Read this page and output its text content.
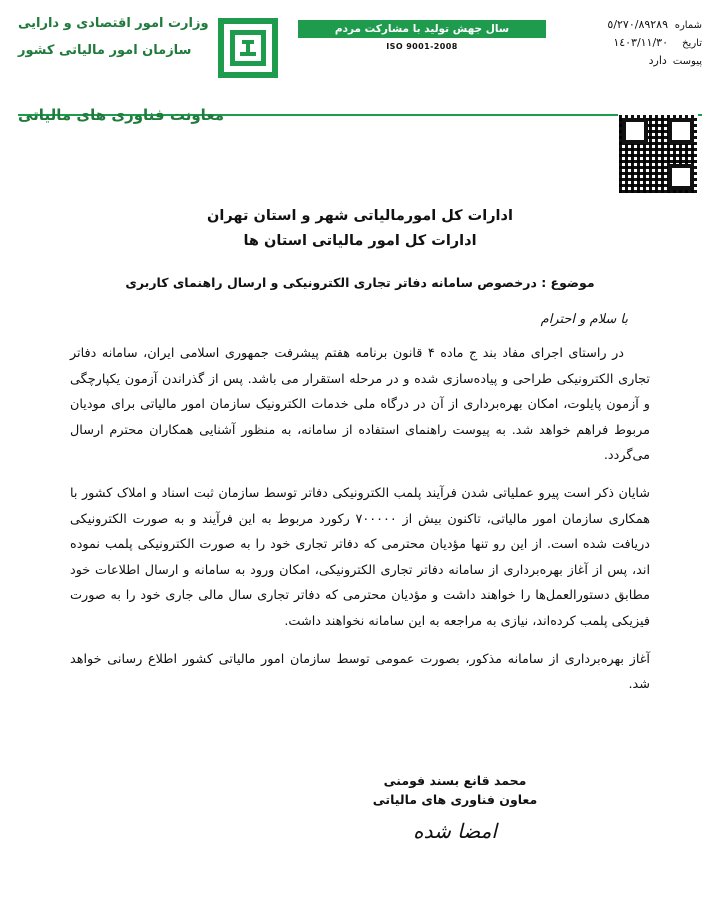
شماره
٥/٢٧٠/٨٩٢٨٩
تاریخ
١٤٠٣/١١/٣٠
پیوست
دارد
سال جهش تولید با مشارکت مردم
ISO 9001-2008
وزارت امور اقتصادی و دارایی
سازمان امور مالیاتی کشور
معاونت فناوری های مالیاتی
ادارات کل امورمالیاتی شهر و استان تهران
ادارات کل امور مالیاتی استان ها
موضوع : درخصوص سامانه دفاتر تجاری الکترونیکی و ارسال راهنمای کاربری
با سلام و احترام

در راستای اجرای مفاد بند ج ماده ۴ قانون برنامه هفتم پیشرفت جمهوری اسلامی ایران، سامانه دفاتر تجاری الکترونیکی طراحی و پیاده‌سازی شده و در مرحله استقرار می باشد. پس از گذراندن آزمون یکپارچگی و آزمون پایلوت، امکان بهره‌برداری از آن در درگاه ملی خدمات الکترونیک سازمان امور مالیاتی برای مودیان مربوط فراهم خواهد شد. به پیوست راهنمای استفاده از سامانه، به منظور آشنایی همکاران محترم ارسال می‌گردد.

شایان ذکر است پیرو عملیاتی شدن فرآیند پلمب الکترونیکی دفاتر توسط سازمان ثبت اسناد و املاک کشور با همکاری سازمان امور مالیاتی، تاکنون بیش از ۷۰۰۰۰۰ رکورد مربوط به این فرآیند و به صورت الکترونیکی دریافت شده است. از این رو تنها مؤدیان محترمی که دفاتر تجاری خود را به صورت الکترونیکی پلمب نموده اند، پس از آغاز بهره‌برداری از سامانه دفاتر تجاری الکترونیکی، امکان ورود به سامانه و ارسال اطلاعات خود مطابق دستورالعمل‌ها را خواهند داشت و مؤدیان محترمی که دفاتر تجاری سال مالی جاری خود را به صورت فیزیکی پلمب کرده‌اند، نیازی به مراجعه به این سامانه نخواهند داشت.

آغاز بهره‌برداری از سامانه مذکور، بصورت عمومی توسط سازمان امور مالیاتی کشور اطلاع رسانی خواهد شد.

محمد قانع بسند فومنی
معاون فناوری های مالیاتی
امضا شده
